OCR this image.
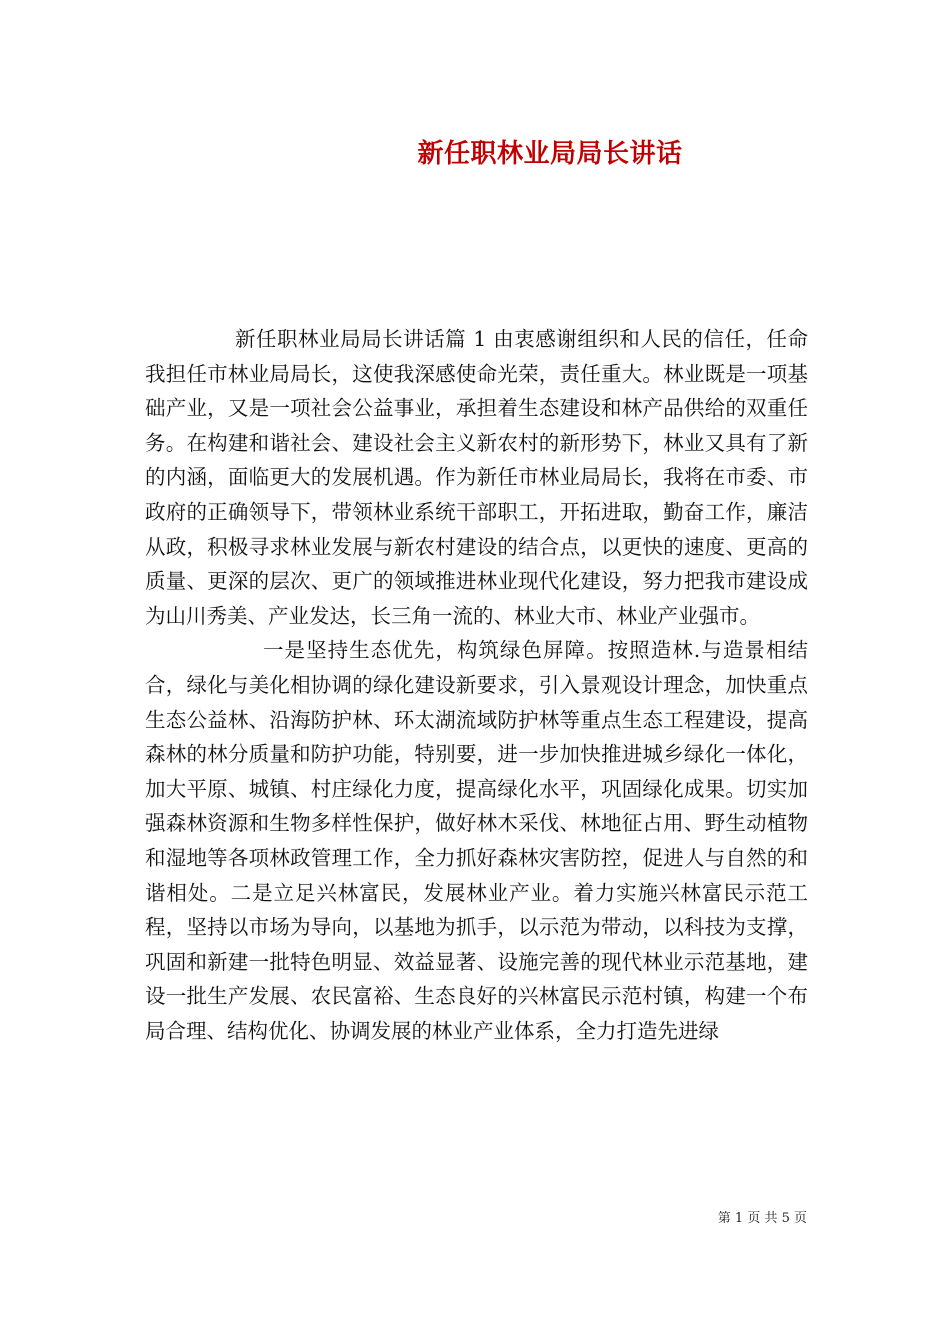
新任职林业局局长讲话

新任职林业局局长讲话篇 1 由衷感谢组织和人民的信任，任命我担任市林业局局长，这使我深感使命光荣，责任重大。林业既是一项基础产业，又是一项社会公益事业，承担着生态建设和林产品供给的双重任务。在构建和谐社会、建设社会主义新农村的新形势下，林业又具有了新的内涵，面临更大的发展机遇。作为新任市林业局局长，我将在市委、市政府的正确领导下，带领林业系统干部职工，开拓进取，勤奋工作，廉洁从政，积极寻求林业发展与新农村建设的结合点，以更快的速度、更高的质量、更深的层次、更广的领域推进林业现代化建设，努力把我市建设成为山川秀美、产业发达，长三角一流的、林业大市、林业产业强市。

一是坚持生态优先，构筑绿色屏障。按照造林.与造景相结合，绿化与美化相协调的绿化建设新要求，引入景观设计理念，加快重点生态公益林、沿海防护林、环太湖流域防护林等重点生态工程建设，提高森林的林分质量和防护功能，特别要，进一步加快推进城乡绿化一体化，加大平原、城镇、村庄绿化力度，提高绿化水平，巩固绿化成果。切实加强森林资源和生物多样性保护，做好林木采伐、林地征占用、野生动植物和湿地等各项林政管理工作，全力抓好森林灾害防控，促进人与自然的和谐相处。二是立足兴林富民，发展林业产业。着力实施兴林富民示范工程，坚持以市场为导向，以基地为抓手，以示范为带动，以科技为支撑，巩固和新建一批特色明显、效益显著、设施完善的现代林业示范基地，建设一批生产发展、农民富裕、生态良好的兴林富民示范村镇，构建一个布局合理、结构优化、协调发展的林业产业体系，全力打造先进绿

第 1 页 共 5 页
